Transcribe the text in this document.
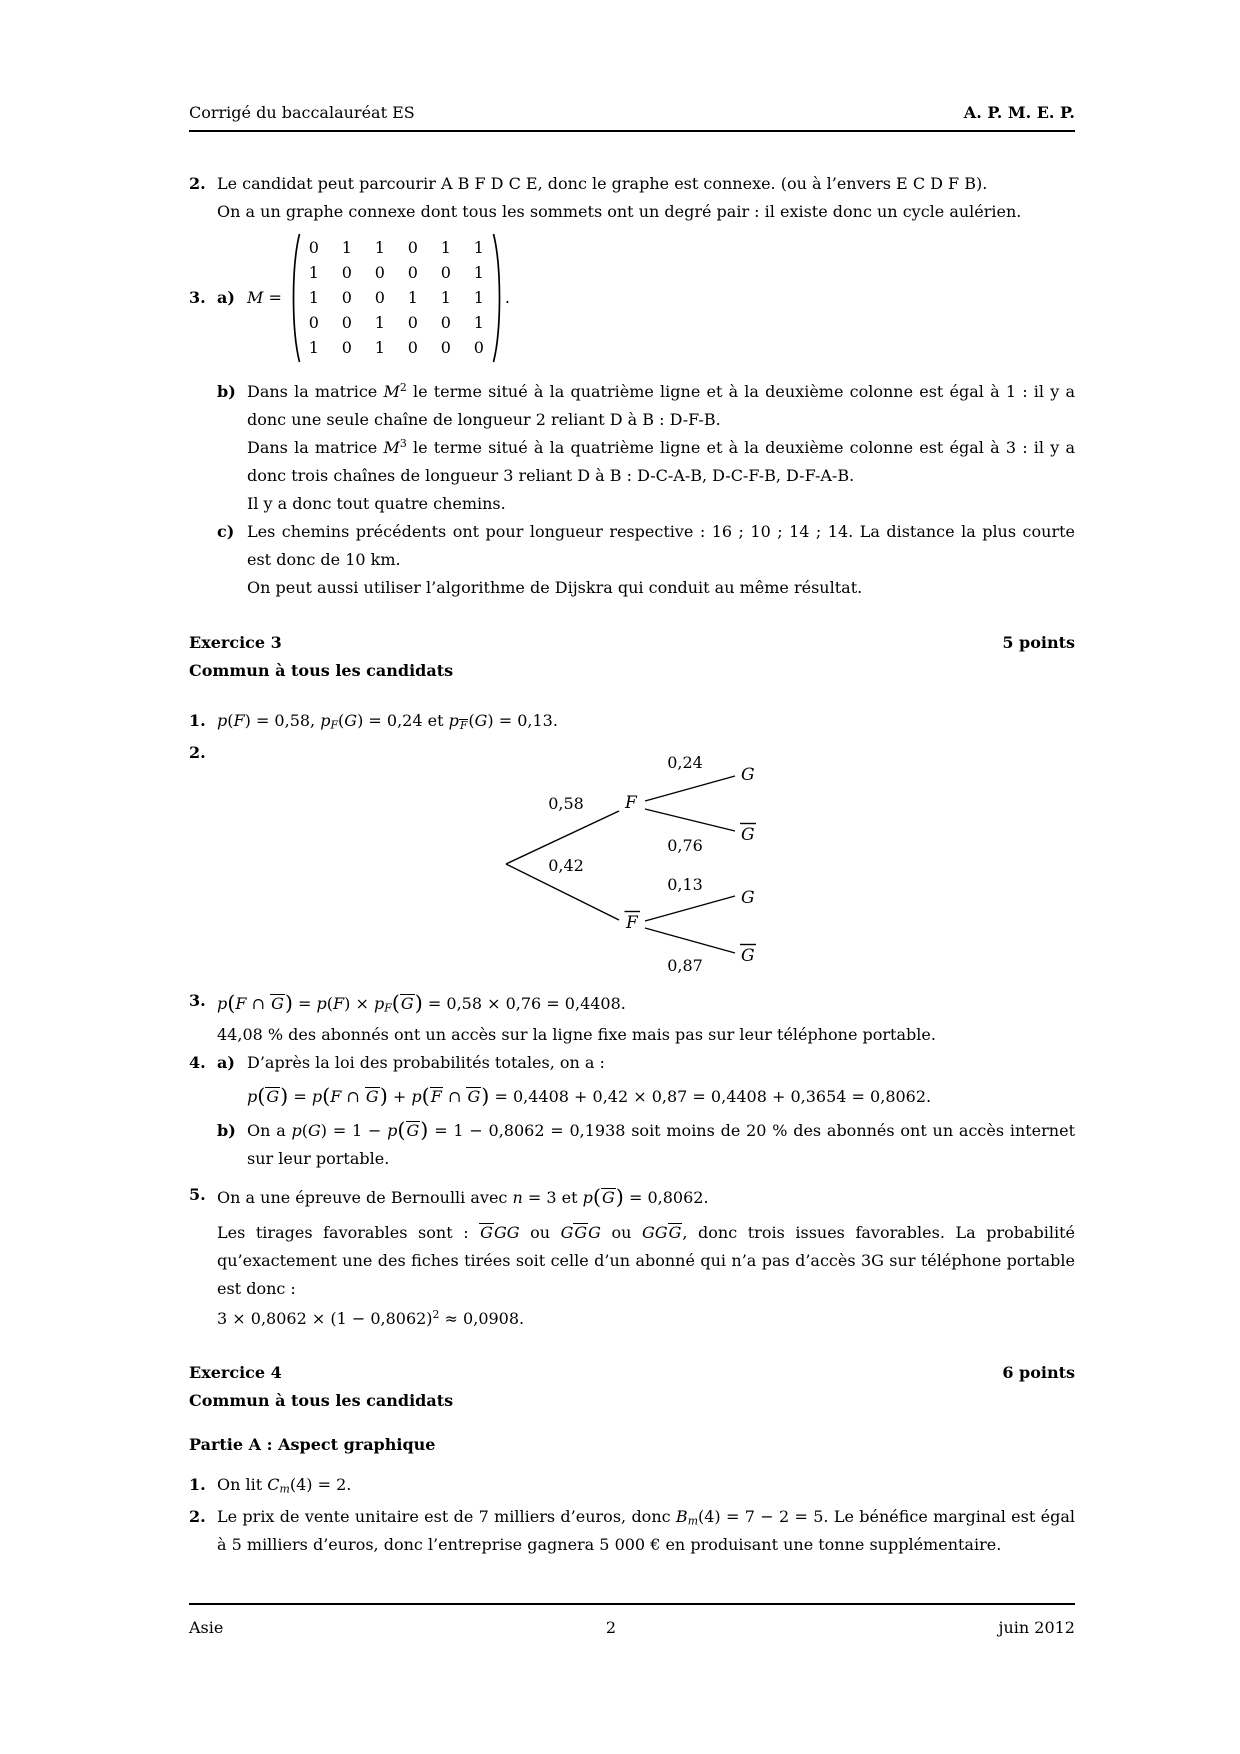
Corrigé du baccalauréat ES	A. P. M. E. P.
2. Le candidat peut parcourir A B F D C E, donc le graphe est connexe. (ou à l’envers E C D F B).

On a un graphe connexe dont tous les sommets ont un degré pair : il existe donc un cycle aulérien.

3. a) M =
0 1 1 0 1 1
1 0 0 0 0 1
1 0 0 1 1 1
0 0 1 0 0 1
1 0 1 0 0 0
.
b) Dans la matrice $M^2$ le terme situé à la quatrième ligne et à la deuxième colonne est égal à 1 : il y a donc une seule chaîne de longueur 2 reliant D à B : D-F-B.

Dans la matrice $M^3$ le terme situé à la quatrième ligne et à la deuxième colonne est égal à 3 : il y a donc trois chaînes de longueur 3 reliant D à B : D-C-A-B, D-C-F-B, D-F-A-B.

Il y a donc tout quatre chemins.

c) Les chemins précédents ont pour longueur respective : 16 ; 10 ; 14 ; 14. La distance la plus courte est donc de 10 km.

On peut aussi utiliser l’algorithme de Dijskra qui conduit au même résultat.

Exercice 3	5 points
Commun à tous les candidats
1. p(F) = 0,58, pF(G) = 0,24 et pF(G) = 0,13.
2.
0,58
0,42
0,24
0,76
0,13
0,87
F
F
G
G
G
G
3. p(F ∩ G) = p(F) × pF(G) = 0,58 × 0,76 = 0,4408.

44,08 % des abonnés ont un accès sur la ligne fixe mais pas sur leur téléphone portable.

4. a) D’après la loi des probabilités totales, on a :

p(G) = p(F ∩ G) + p(F ∩ G) = 0,4408 + 0,42 × 0,87 = 0,4408 + 0,3654 = 0,8062.

b) On a p(G) = 1 − p(G) = 1 − 0,8062 = 0,1938 soit moins de 20 % des abonnés ont un accès internet sur leur portable.

5. On a une épreuve de Bernoulli avec n = 3 et p(G) = 0,8062.

Les tirages favorables sont : GGG ou GGG ou GGG, donc trois issues favorables. La probabilité qu’exactement une des fiches tirées soit celle d’un abonné qui n’a pas d’accès 3G sur téléphone portable est donc :

$3 \times 0,8062 \times (1 - 0,8062)^2 \approx 0,0908$.

Exercice 4	6 points
Commun à tous les candidats
Partie A : Aspect graphique
1. On lit Cm(4) = 2.
2. Le prix de vente unitaire est de 7 milliers d’euros, donc Bm(4) = 7 − 2 = 5. Le bénéfice marginal est égal à 5 milliers d’euros, donc l’entreprise gagnera 5 000 € en produisant une tonne supplémentaire.
Asie	2	juin 2012
